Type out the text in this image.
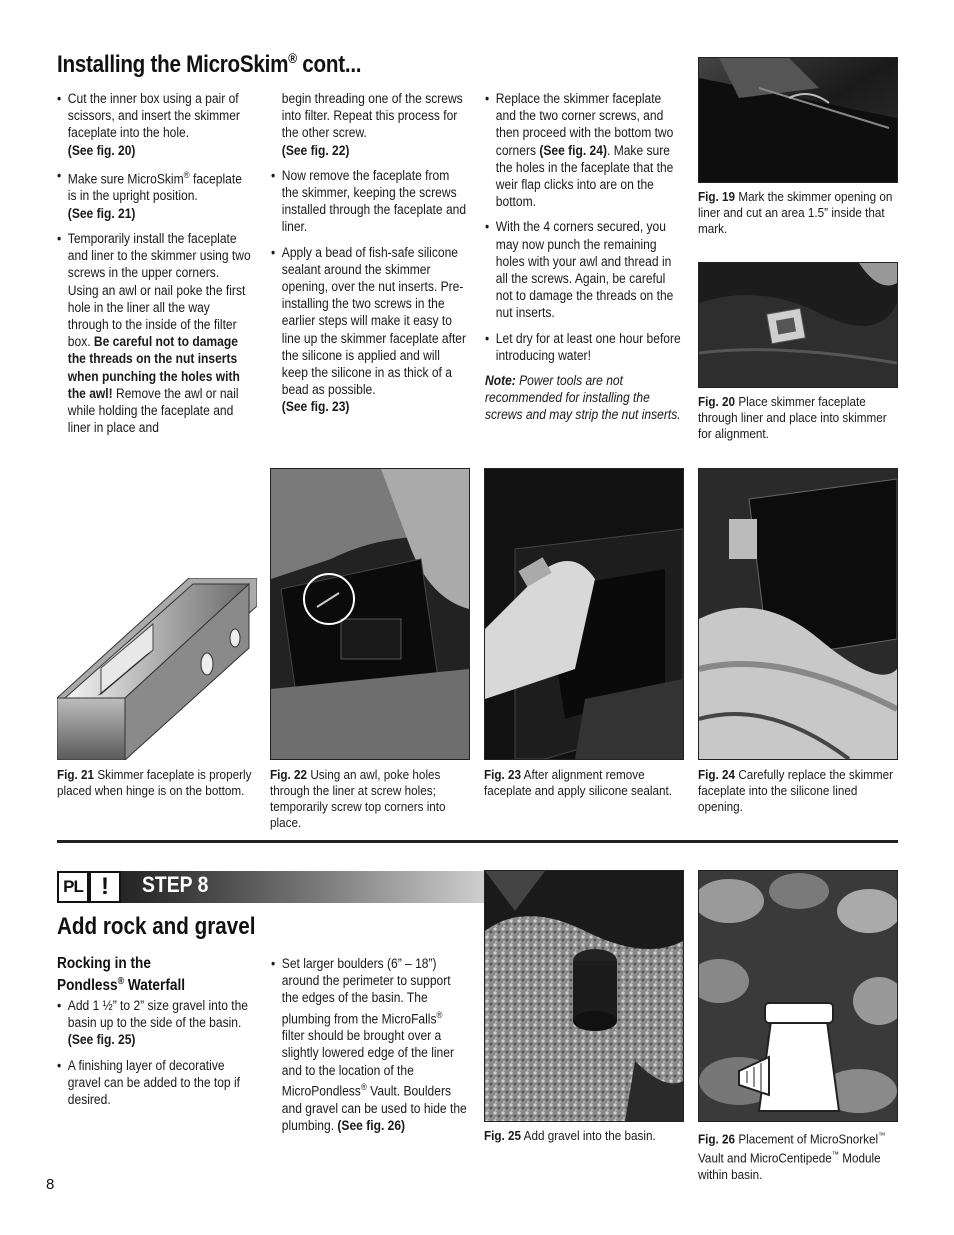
Installing the MicroSkim® cont...
• Cut the inner box using a pair of scissors, and insert the skimmer faceplate into the hole.
(See fig. 20)
• Make sure MicroSkim® faceplate is in the upright position.
(See fig. 21)
• Temporarily install the faceplate and liner to the skimmer using two screws in the upper corners. Using an awl or nail poke the first hole in the liner all the way through to the inside of the filter box. Be careful not to damage the threads on the nut inserts when punching the holes with the awl! Remove the awl or nail while holding the faceplate and liner in place and
begin threading one of the screws into filter. Repeat this process for the other screw.
(See fig. 22)
• Now remove the faceplate from the skimmer, keeping the screws installed through the faceplate and liner.
• Apply a bead of fish-safe silicone sealant around the skimmer opening, over the nut inserts. Pre-installing the two screws in the earlier steps will make it easy to line up the skimmer faceplate after the silicone is applied and will keep the silicone in as thick of a bead as possible.
(See fig. 23)
• Replace the skimmer faceplate and the two corner screws, and then proceed with the bottom two corners (See fig. 24). Make sure the holes in the faceplate that the weir flap clicks into are on the bottom.
• With the 4 corners secured, you may now punch the remaining holes with your awl and thread in all the screws. Again, be careful not to damage the threads on the nut inserts.
• Let dry for at least one hour before introducing water!
Note: Power tools are not recommended for installing the screws and may strip the nut inserts.
Fig. 19 Mark the skimmer opening on liner and cut an area 1.5” inside that mark.
Fig. 20 Place skimmer faceplate through liner and place into skimmer for alignment.
Fig. 21 Skimmer faceplate is properly placed when hinge is on the bottom.
Fig. 22 Using an awl, poke holes through the liner at screw holes; temporarily screw top corners into place.
Fig. 23 After alignment remove faceplate and apply silicone sealant.
Fig. 24 Carefully replace the skimmer faceplate into the silicone lined opening.
PL !	STEP 8
Add rock and gravel
Rocking in the
Pondless® Waterfall
• Add 1 ½” to 2” size gravel into the basin up to the side of the basin.
(See fig. 25)
• A finishing layer of decorative gravel can be added to the top if desired.
• Set larger boulders (6” – 18”) around the perimeter to support the edges of the basin. The plumbing from the MicroFalls® filter should be brought over a slightly lowered edge of the liner and to the location of the MicroPondless® Vault. Boulders and gravel can be used to hide the plumbing. (See fig. 26)
Fig. 25 Add gravel into the basin.	Fig. 26 Placement of MicroSnorkel™ Vault and MicroCentipede™ Module within basin.
8
